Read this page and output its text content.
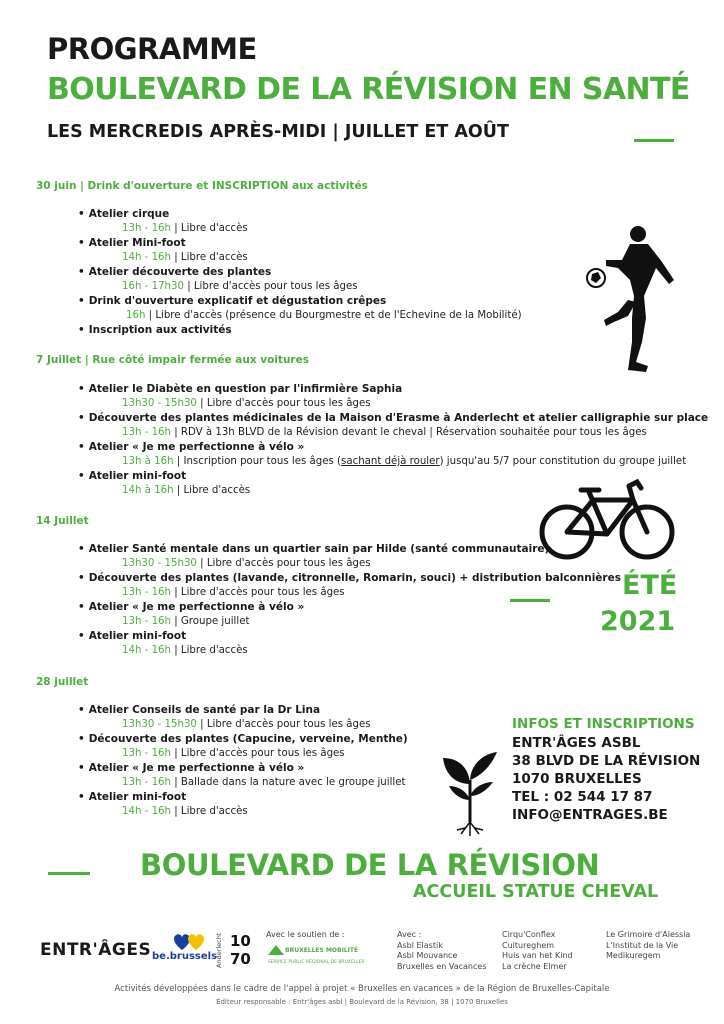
PROGRAMME
BOULEVARD DE LA RÉVISION EN SANTÉ
LES MERCREDIS APRÈS-MIDI | JUILLET ET AOÛT
30 juin | Drink d'ouverture et INSCRIPTION aux activités
• Atelier cirque
13h - 16h | Libre d'accès
• Atelier Mini-foot
14h - 16h | Libre d'accès
• Atelier découverte des plantes
16h - 17h30 | Libre d'accès pour tous les âges
• Drink d'ouverture explicatif et dégustation crêpes
16h | Libre d'accès (présence du Bourgmestre et de l'Echevine de la Mobilité)
• Inscription aux activités
7 Juillet | Rue côté impair fermée aux voitures
• Atelier le Diabète en question par l'infirmière Saphia
13h30 - 15h30 | Libre d'accès pour tous les âges
• Découverte des plantes médicinales de la Maison d'Erasme à Anderlecht et atelier calligraphie sur place
13h - 16h | RDV à 13h BLVD de la Révision devant le cheval | Réservation souhaitée pour tous les âges
• Atelier « Je me perfectionne à vélo »
13h à 16h | Inscription pour tous les âges (sachant déjà rouler) jusqu'au 5/7 pour constitution du groupe juillet
• Atelier mini-foot
14h à 16h | Libre d'accès
14 Juillet
• Atelier Santé mentale dans un quartier sain par Hilde (santé communautaire)
13h30 - 15h30 | Libre d'accès pour tous les âges
• Découverte des plantes (lavande, citronnelle, Romarin, souci) + distribution balconnières
13h - 16h | Libre d'accès pour tous les âges
• Atelier « Je me perfectionne à vélo »
13h - 16h | Groupe juillet
• Atelier mini-foot
14h - 16h | Libre d'accès
28 juillet
• Atelier Conseils de santé par la Dr Lina
13h30 - 15h30 | Libre d'accès pour tous les âges
• Découverte des plantes (Capucine, verveine, Menthe)
13h - 16h | Libre d'accès pour tous les âges
• Atelier « Je me perfectionne à vélo »
13h - 16h | Ballade dans la nature avec le groupe juillet
• Atelier mini-foot
14h - 16h | Libre d'accès
ÉTÉ
2021
INFOS ET INSCRIPTIONS
ENTR'ÂGES ASBL
38 BLVD DE LA RÉVISION
1070 BRUXELLES
TEL : 02 544 17 87
INFO@ENTRAGES.BE
BOULEVARD DE LA RÉVISION
ACCUEIL STATUE CHEVAL
ENTR'ÂGES be.brussels
Anderlecht 10
70
Avec le soutien de :
BRUXELLES MOBILITÉ
SERVICE PUBLIC RÉGIONAL DE BRUXELLES
Avec :
Asbl Elastik
Asbl Mouvance
Bruxelles en Vacances
Cirqu'Conflex
Cultureghem
Huis van het Kind
La crèche Elmer
Le Grimoire d'Alessia
L'Institut de la Vie
Medikuregem
Activités développées dans le cadre de l'appel à projet « Bruxelles en vacances » de la Région de Bruxelles-Capitale
Éditeur responsable : Entr'âges asbl | Boulevard de la Révision, 38 | 1070 Bruxelles
